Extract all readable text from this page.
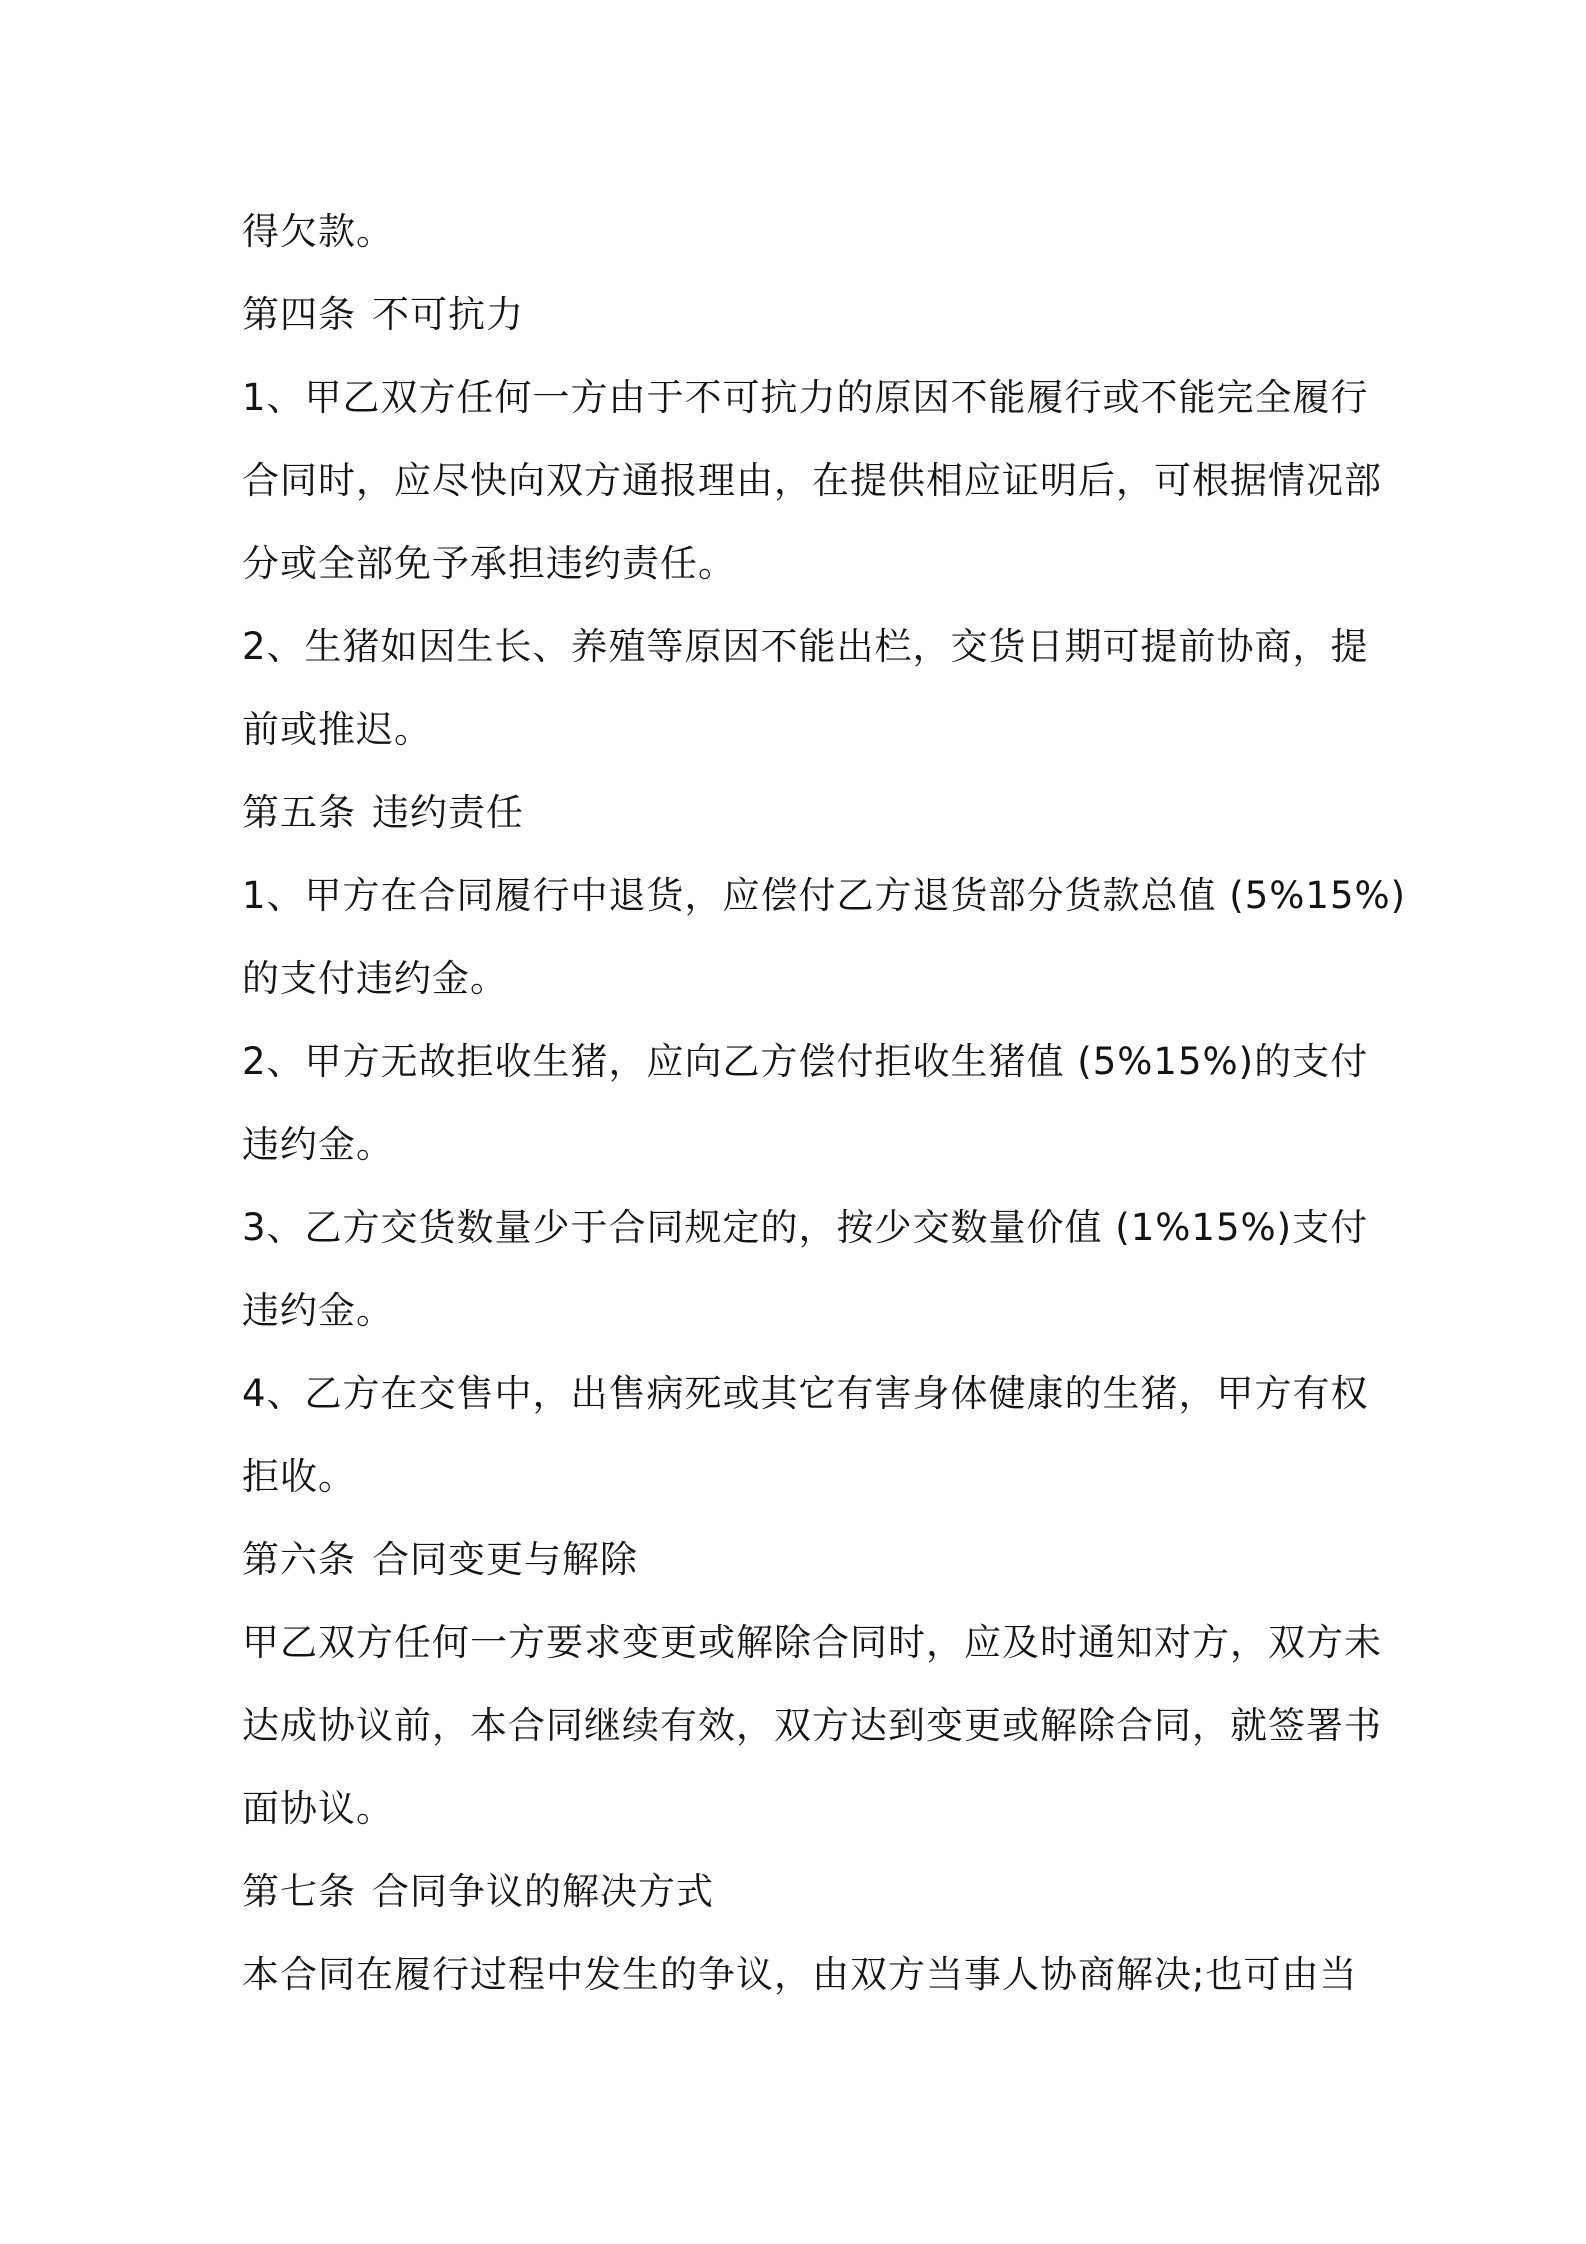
得欠款。
第四条 不可抗力
1、甲乙双方任何一方由于不可抗力的原因不能履行或不能完全履行
合同时，应尽快向双方通报理由，在提供相应证明后，可根据情况部
分或全部免予承担违约责任。
2、生猪如因生长、养殖等原因不能出栏，交货日期可提前协商，提
前或推迟。
第五条 违约责任
1、甲方在合同履行中退货，应偿付乙方退货部分货款总值 (5%15%)
的支付违约金。
2、甲方无故拒收生猪，应向乙方偿付拒收生猪值 (5%15%)的支付
违约金。
3、乙方交货数量少于合同规定的，按少交数量价值 (1%15%)支付
违约金。
4、乙方在交售中，出售病死或其它有害身体健康的生猪，甲方有权
拒收。
第六条 合同变更与解除
甲乙双方任何一方要求变更或解除合同时，应及时通知对方，双方未
达成协议前，本合同继续有效，双方达到变更或解除合同，就签署书
面协议。
第七条 合同争议的解决方式
本合同在履行过程中发生的争议，由双方当事人协商解决;也可由当
